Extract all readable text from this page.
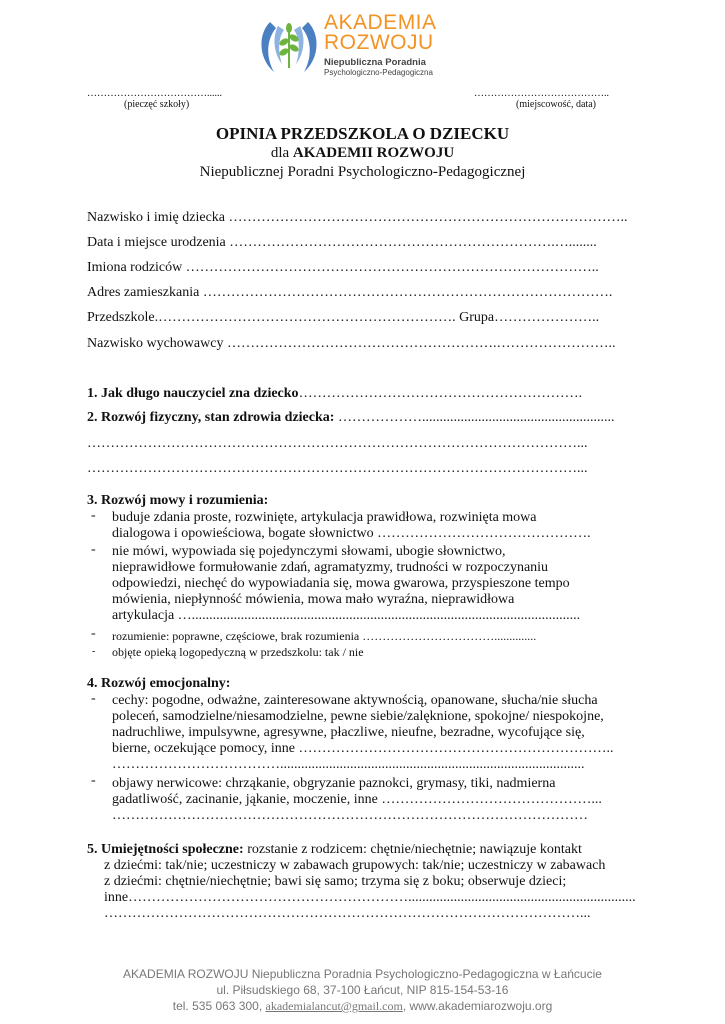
AKADEMIA
ROZWOJU
Niepubliczna Poradnia
Psychologiczno-Pedagogiczna
………………………………......
(pieczęć szkoły)
…………………………………..
(miejscowość, data)
OPINIA PRZEDSZKOLA O DZIECKU
dla AKADEMII ROZWOJU
Niepublicznej Poradni Psychologiczno-Pedagogicznej
Nazwisko i imię dziecka …………………………………………………………………………..
Data i miejsce urodzenia …………………………………………………………….…........
Imiona rodziców ……………………………………………………………………………..
Adres zamieszkania …………………………………………………………………………….
Przedszkole.………………………………………………………. Grupa…………………..
Nazwisko wychowawcy ………………………………………………….……………………..
1. Jak długo nauczyciel zna dziecko…………………………………………………….
2. Rozwój fizyczny, stan zdrowia dziecka: ……………….......................................................
……………………………………………………………………………………………...
……………………………………………………………………………………………...
3. Rozwój mowy i rozumienia:
- buduje zdania proste, rozwinięte, artykulacja prawidłowa, rozwinięta mowa
dialogowa i opowieściowa, bogate słownictwo ……………………………………….
- nie mówi, wypowiada się pojedynczymi słowami, ubogie słownictwo,
nieprawidłowe formułowanie zdań, agramatyzmy, trudności w rozpoczynaniu
odpowiedzi, niechęć do wypowiadania się, mowa gwarowa, przyspieszone tempo
mówienia, niepłynność mówienia, mowa mało wyraźna, nieprawidłowa
artykulacja …...............................................................................................................
- rozumienie: poprawne, częściowe, brak rozumienia ……………………………..............
- objęte opieką logopedyczną w przedszkolu: tak / nie
4. Rozwój emocjonalny:
- cechy: pogodne, odważne, zainteresowane aktywnością, opanowane, słucha/nie słucha
poleceń, samodzielne/niesamodzielne, pewne siebie/zalęknione, spokojne/ niespokojne,
nadruchliwe, impulsywne, agresywne, płaczliwe, nieufne, bezradne, wycofujące się,
bierne, oczekujące pomocy, inne …………………………………………………………..
……………………………….......................................................................................
- objawy nerwicowe: chrząkanie, obgryzanie paznokci, grymasy, tiki, nadmierna
gadatliwość, zacinanie, jąkanie, moczenie, inne ………………………………………...
…………………………………………………………………………………………
5. Umiejętności społeczne: rozstanie z rodzicem: chętnie/niechętnie; nawiązuje kontakt
z dziećmi: tak/nie; uczestniczy w zabawach grupowych: tak/nie; uczestniczy w zabawach
z dziećmi: chętnie/niechętnie; bawi się samo; trzyma się z boku; obserwuje dzieci;
inne…………………………………………………….................................................................
…………………………………………………………………………………………...
AKADEMIA ROZWOJU Niepubliczna Poradnia Psychologiczno-Pedagogiczna w Łańcucie
ul. Piłsudskiego 68, 37-100 Łańcut, NIP 815-154-53-16
tel. 535 063 300, akademialancut@gmail.com, www.akademiarozwoju.org
